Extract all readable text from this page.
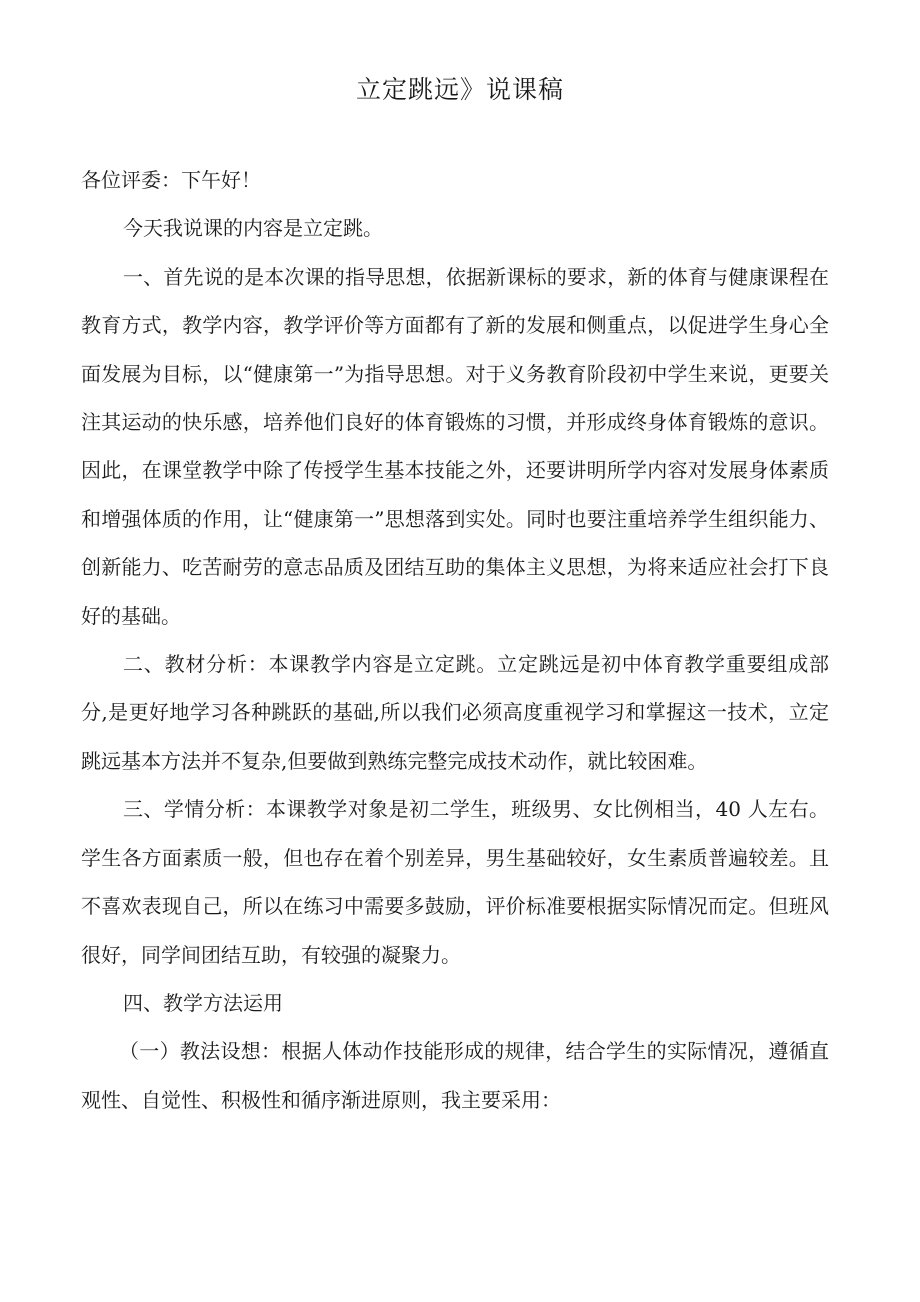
立定跳远》说课稿

各位评委：下午好！

今天我说课的内容是立定跳。

一、首先说的是本次课的指导思想，依据新课标的要求，新的体育与健康课程在教育方式，教学内容，教学评价等方面都有了新的发展和侧重点，以促进学生身心全面发展为目标，以“健康第一”为指导思想。对于义务教育阶段初中学生来说，更要关注其运动的快乐感，培养他们良好的体育锻炼的习惯，并形成终身体育锻炼的意识。因此，在课堂教学中除了传授学生基本技能之外，还要讲明所学内容对发展身体素质和增强体质的作用，让“健康第一”思想落到实处。同时也要注重培养学生组织能力、创新能力、吃苦耐劳的意志品质及团结互助的集体主义思想，为将来适应社会打下良好的基础。

二、教材分析：本课教学内容是立定跳。立定跳远是初中体育教学重要组成部分,是更好地学习各种跳跃的基础,所以我们必须高度重视学习和掌握这一技术，立定跳远基本方法并不复杂,但要做到熟练完整完成技术动作，就比较困难。

三、学情分析：本课教学对象是初二学生，班级男、女比例相当，40 人左右。学生各方面素质一般，但也存在着个别差异，男生基础较好，女生素质普遍较差。且不喜欢表现自己，所以在练习中需要多鼓励，评价标准要根据实际情况而定。但班风很好，同学间团结互助，有较强的凝聚力。

四、教学方法运用

（一）教法设想：根据人体动作技能形成的规律，结合学生的实际情况，遵循直观性、自觉性、积极性和循序渐进原则，我主要采用：
